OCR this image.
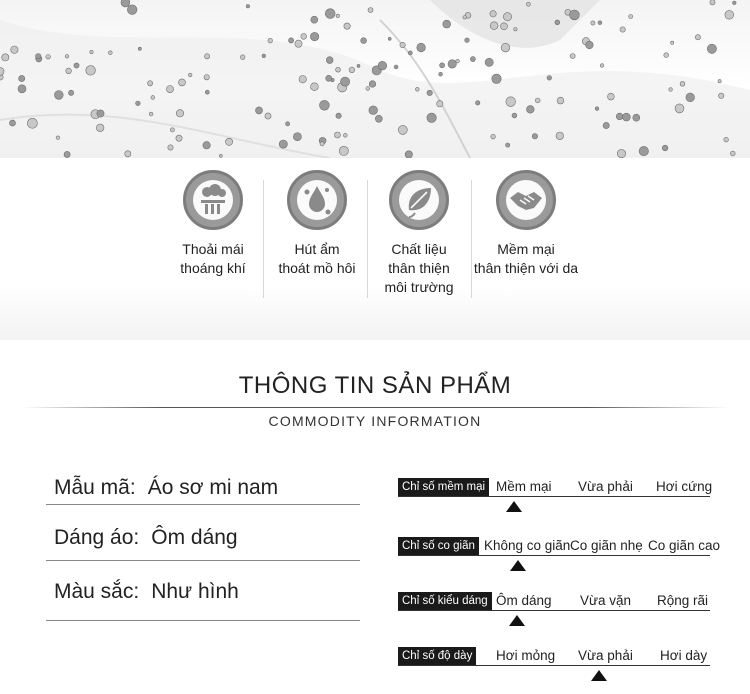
Thoải mái
thoáng khí
Hút ẩm
thoát mồ hôi
Chất liệu
thân thiện
môi trường
Mềm mại
thân thiện với da
THÔNG TIN SẢN PHẨM
COMMODITY INFORMATION
Mẫu mã: Áo sơ mi nam
Dáng áo: Ôm dáng
Màu sắc: Như hình
Chỉ số mềm mại Mềm mại Vừa phải Hơi cứng
Chỉ số co giãn Không co giãn Co giãn nhẹ Co giãn cao
Chỉ số kiểu dáng Ôm dáng Vừa vặn Rộng rãi
Chỉ số độ dày Hơi mỏng Vừa phải Hơi dày
